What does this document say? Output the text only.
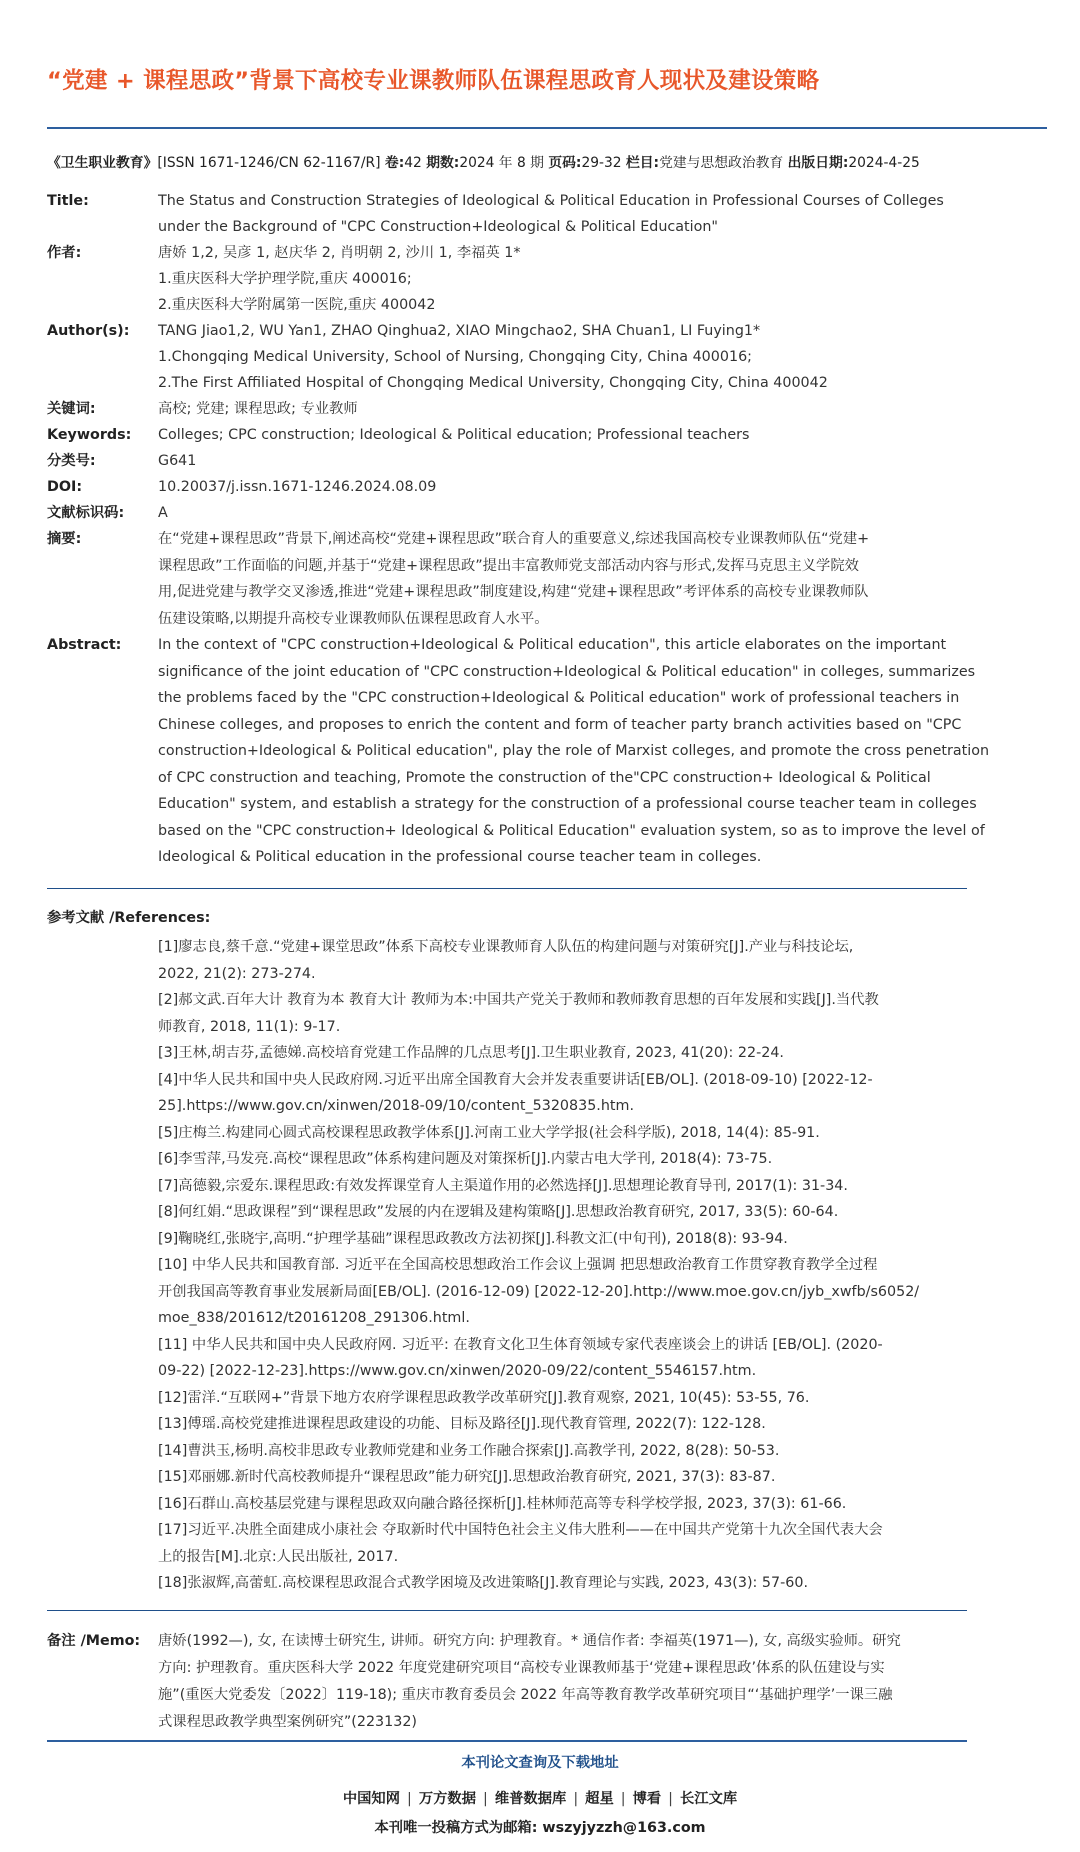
“党建 + 课程思政”背景下高校专业课教师队伍课程思政育人现状及建设策略
《卫生职业教育》[ISSN 1671-1246/CN 62-1167/R] 卷:42 期数:2024 年 8 期 页码:29-32 栏目:党建与思想政治教育 出版日期:2024-4-25
Title:	The Status and Construction Strategies of Ideological & Political Education in Professional Courses of Colleges
under the Background of "CPC Construction+Ideological & Political Education"
作者:	唐娇 1,2, 吴彦 1, 赵庆华 2, 肖明朝 2, 沙川 1, 李福英 1*
1.重庆医科大学护理学院,重庆 400016;
2.重庆医科大学附属第一医院,重庆 400042
Author(s):	TANG Jiao1,2, WU Yan1, ZHAO Qinghua2, XIAO Mingchao2, SHA Chuan1, LI Fuying1*
1.Chongqing Medical University, School of Nursing, Chongqing City, China 400016;
2.The First Affiliated Hospital of Chongqing Medical University, Chongqing City, China 400042
关键词:	高校; 党建; 课程思政; 专业教师
Keywords:	Colleges; CPC construction; Ideological & Political education; Professional teachers
分类号:	G641
DOI:	10.20037/j.issn.1671-1246.2024.08.09
文献标识码:	A
摘要:	在“党建+课程思政”背景下,阐述高校“党建+课程思政”联合育人的重要意义,综述我国高校专业课教师队伍“党建+
课程思政”工作面临的问题,并基于“党建+课程思政”提出丰富教师党支部活动内容与形式,发挥马克思主义学院效
用,促进党建与教学交叉渗透,推进“党建+课程思政”制度建设,构建“党建+课程思政”考评体系的高校专业课教师队
伍建设策略,以期提升高校专业课教师队伍课程思政育人水平。
Abstract:	In the context of "CPC construction+Ideological & Political education", this article elaborates on the important
significance of the joint education of "CPC construction+Ideological & Political education" in colleges, summarizes
the problems faced by the "CPC construction+Ideological & Political education" work of professional teachers in
Chinese colleges, and proposes to enrich the content and form of teacher party branch activities based on "CPC
construction+Ideological & Political education", play the role of Marxist colleges, and promote the cross penetration
of CPC construction and teaching, Promote the construction of the"CPC construction+ Ideological & Political
Education" system, and establish a strategy for the construction of a professional course teacher team in colleges
based on the "CPC construction+ Ideological & Political Education" evaluation system, so as to improve the level of
Ideological & Political education in the professional course teacher team in colleges.
参考文献 /References:
[1]廖志良,蔡千意.“党建+课堂思政”体系下高校专业课教师育人队伍的构建问题与对策研究[J].产业与科技论坛,
2022, 21(2): 273-274.
[2]郝文武.百年大计 教育为本 教育大计 教师为本:中国共产党关于教师和教师教育思想的百年发展和实践[J].当代教
师教育, 2018, 11(1): 9-17.
[3]王林,胡吉芬,孟德娣.高校培育党建工作品牌的几点思考[J].卫生职业教育, 2023, 41(20): 22-24.
[4]中华人民共和国中央人民政府网.习近平出席全国教育大会并发表重要讲话[EB/OL]. (2018-09-10) [2022-12-
25].https://www.gov.cn/xinwen/2018-09/10/content_5320835.htm.
[5]庄梅兰.构建同心圆式高校课程思政教学体系[J].河南工业大学学报(社会科学版), 2018, 14(4): 85-91.
[6]李雪萍,马发亮.高校“课程思政”体系构建问题及对策探析[J].内蒙古电大学刊, 2018(4): 73-75.
[7]高德毅,宗爱东.课程思政:有效发挥课堂育人主渠道作用的必然选择[J].思想理论教育导刊, 2017(1): 31-34.
[8]何红娟.“思政课程”到“课程思政”发展的内在逻辑及建构策略[J].思想政治教育研究, 2017, 33(5): 60-64.
[9]鞠晓红,张晓宇,高明.“护理学基础”课程思政教改方法初探[J].科教文汇(中旬刊), 2018(8): 93-94.
[10] 中华人民共和国教育部. 习近平在全国高校思想政治工作会议上强调 把思想政治教育工作贯穿教育教学全过程
开创我国高等教育事业发展新局面[EB/OL]. (2016-12-09) [2022-12-20].http://www.moe.gov.cn/jyb_xwfb/s6052/
moe_838/201612/t20161208_291306.html.
[11] 中华人民共和国中央人民政府网. 习近平: 在教育文化卫生体育领域专家代表座谈会上的讲话 [EB/OL]. (2020-
09-22) [2022-12-23].https://www.gov.cn/xinwen/2020-09/22/content_5546157.htm.
[12]雷洋.“互联网+”背景下地方农府学课程思政教学改革研究[J].教育观察, 2021, 10(45): 53-55, 76.
[13]傅瑶.高校党建推进课程思政建设的功能、目标及路径[J].现代教育管理, 2022(7): 122-128.
[14]曹洪玉,杨明.高校非思政专业教师党建和业务工作融合探索[J].高教学刊, 2022, 8(28): 50-53.
[15]邓丽娜.新时代高校教师提升“课程思政”能力研究[J].思想政治教育研究, 2021, 37(3): 83-87.
[16]石群山.高校基层党建与课程思政双向融合路径探析[J].桂林师范高等专科学校学报, 2023, 37(3): 61-66.
[17]习近平.决胜全面建成小康社会 夺取新时代中国特色社会主义伟大胜利——在中国共产党第十九次全国代表大会
上的报告[M].北京:人民出版社, 2017.
[18]张淑辉,高蕾虹.高校课程思政混合式教学困境及改进策略[J].教育理论与实践, 2023, 43(3): 57-60.
备注 /Memo:	唐娇(1992—), 女, 在读博士研究生, 讲师。研究方向: 护理教育。* 通信作者: 李福英(1971—), 女, 高级实验师。研究
方向: 护理教育。重庆医科大学 2022 年度党建研究项目“高校专业课教师基于‘党建+课程思政’体系的队伍建设与实
施”(重医大党委发〔2022〕119-18); 重庆市教育委员会 2022 年高等教育教学改革研究项目“‘基础护理学’一课三融
式课程思政教学典型案例研究”(223132)
本刊论文查询及下载地址
中国知网 | 万方数据 | 维普数据库 | 超星 | 博看 | 长江文库
本刊唯一投稿方式为邮箱: wszyjyzzh@163.com
